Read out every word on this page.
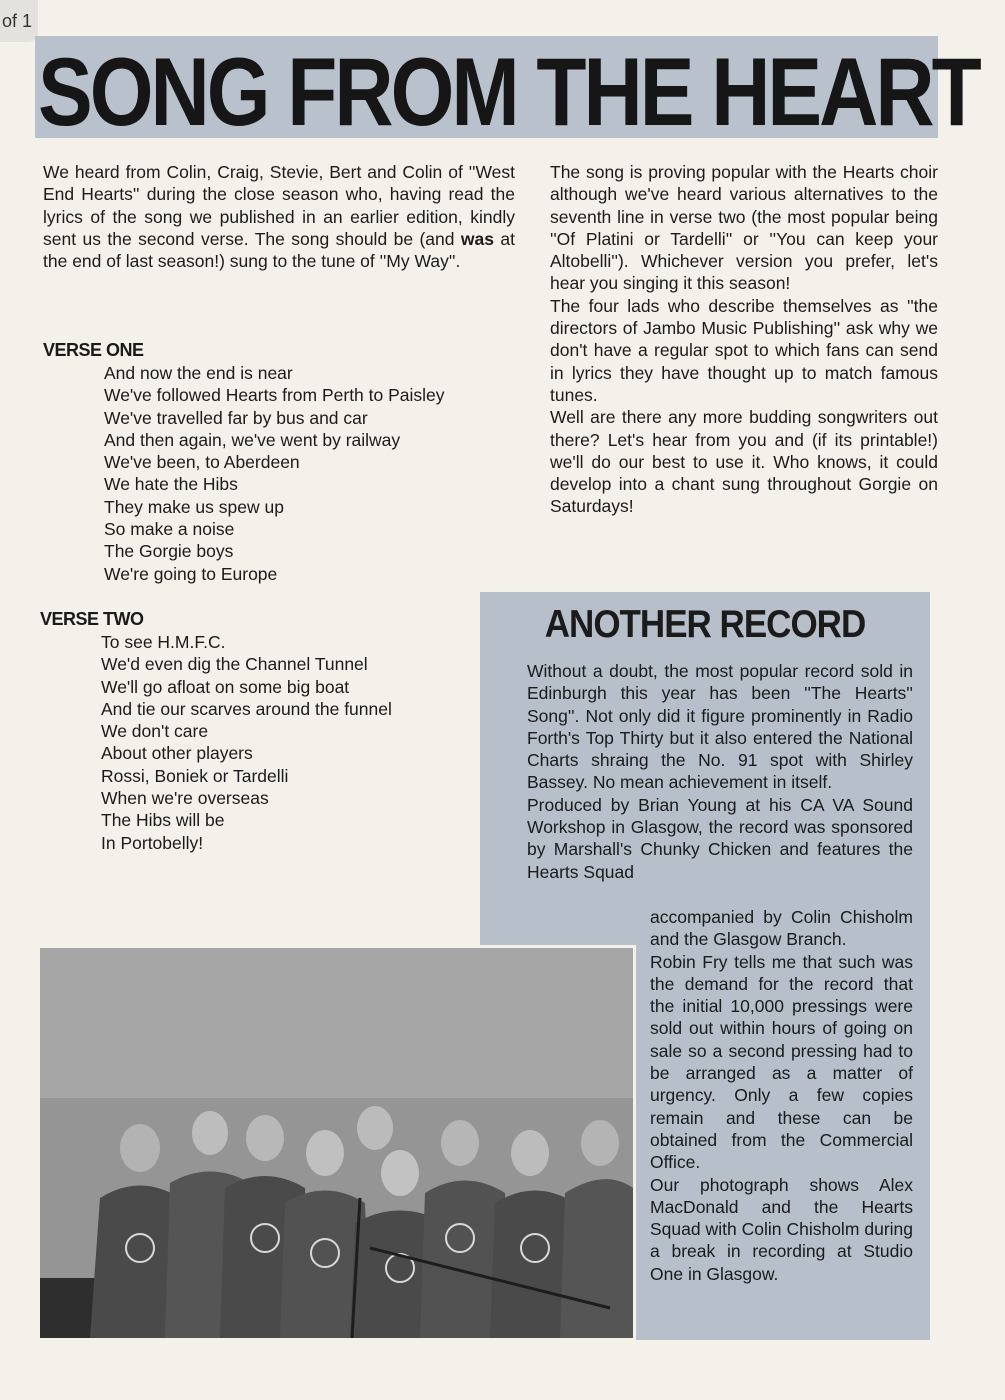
of 1
SONG FROM THE HEART

We heard from Colin, Craig, Stevie, Bert and Colin of ''West End Hearts'' during the close season who, having read the lyrics of the song we published in an earlier edition, kindly sent us the second verse. The song should be (and was at the end of last season!) sung to the tune of ''My Way''.

VERSE ONE
And now the end is near
We've followed Hearts from Perth to Paisley
We've travelled far by bus and car
And then again, we've went by railway
We've been, to Aberdeen
We hate the Hibs
They make us spew up
So make a noise
The Gorgie boys
We're going to Europe
VERSE TWO
To see H.M.F.C.
We'd even dig the Channel Tunnel
We'll go afloat on some big boat
And tie our scarves around the funnel
We don't care
About other players
Rossi, Boniek or Tardelli
When we're overseas
The Hibs will be
In Portobelly!

The song is proving popular with the Hearts choir although we've heard various alternatives to the seventh line in verse two (the most popular being ''Of Platini or Tardelli'' or ''You can keep your Altobelli''). Whichever version you prefer, let's hear you singing it this season!

The four lads who describe themselves as ''the directors of Jambo Music Publishing'' ask why we don't have a regular spot to which fans can send in lyrics they have thought up to match famous tunes.

Well are there any more budding songwriters out there? Let's hear from you and (if its printable!) we'll do our best to use it. Who knows, it could develop into a chant sung throughout Gorgie on Saturdays!

ANOTHER RECORD

Without a doubt, the most popular record sold in Edinburgh this year has been ''The Hearts'' Song''. Not only did it figure prominently in Radio Forth's Top Thirty but it also entered the National Charts shraing the No. 91 spot with Shirley Bassey. No mean achievement in itself.

Produced by Brian Young at his CA VA Sound Workshop in Glasgow, the record was sponsored by Marshall's Chunky Chicken and features the Hearts Squad

accompanied by Colin Chisholm and the Glasgow Branch.

Robin Fry tells me that such was the demand for the record that the initial 10,000 pressings were sold out within hours of going on sale so a second pressing had to be arranged as a matter of urgency. Only a few copies remain and these can be obtained from the Commercial Office.

Our photograph shows Alex MacDonald and the Hearts Squad with Colin Chisholm during a break in recording at Studio One in Glasgow.
